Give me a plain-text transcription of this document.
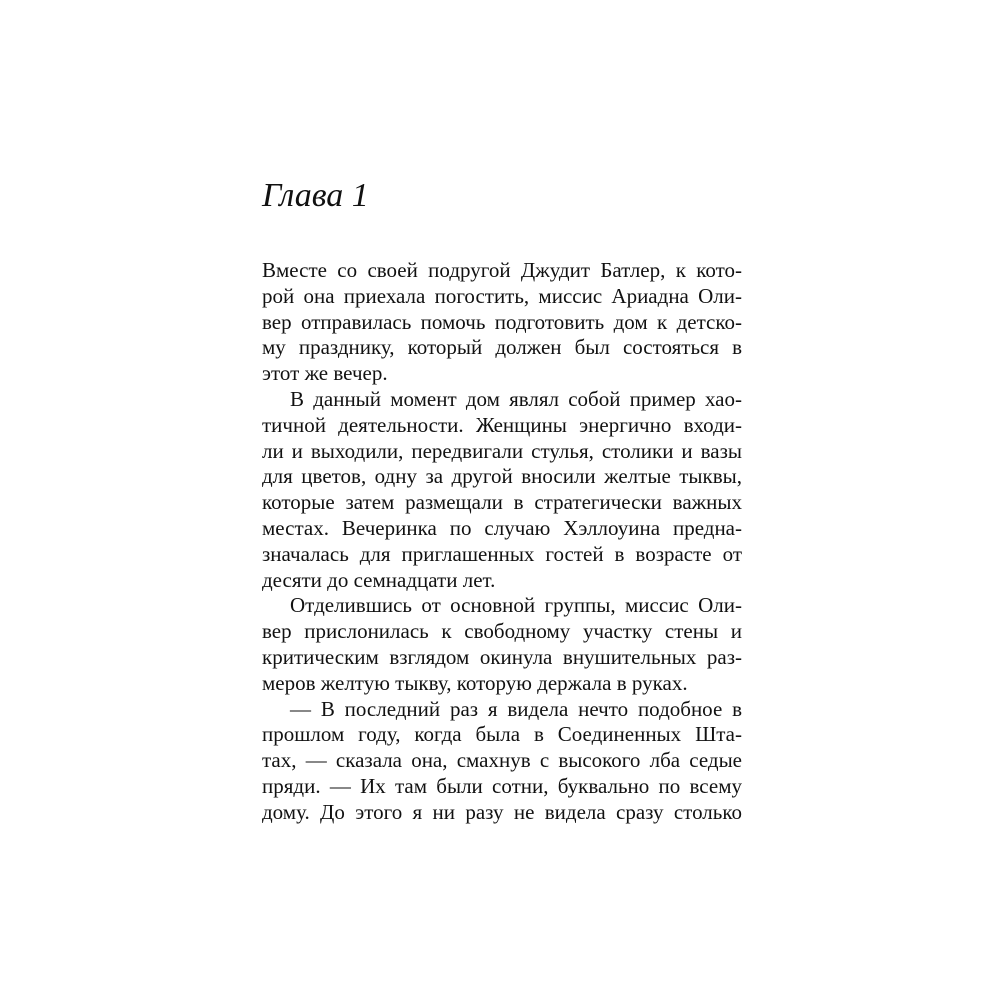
Глава 1
Вместе со своей подругой Джудит Батлер, к кото-
рой она приехала погостить, миссис Ариадна Оли-
вер отправилась помочь подготовить дом к детско-
му празднику, который должен был состояться в
этот же вечер.
В данный момент дом являл собой пример хао-
тичной деятельности. Женщины энергично входи-
ли и выходили, передвигали стулья, столики и вазы
для цветов, одну за другой вносили желтые тыквы,
которые затем размещали в стратегически важных
местах. Вечеринка по случаю Хэллоуина предна-
значалась для приглашенных гостей в возрасте от
десяти до семнадцати лет.
Отделившись от основной группы, миссис Оли-
вер прислонилась к свободному участку стены и
критическим взглядом окинула внушительных раз-
меров желтую тыкву, которую держала в руках.
— В последний раз я видела нечто подобное в
прошлом году, когда была в Соединенных Шта-
тах, — сказала она, смахнув с высокого лба седые
пряди. — Их там были сотни, буквально по всему
дому. До этого я ни разу не видела сразу столько
